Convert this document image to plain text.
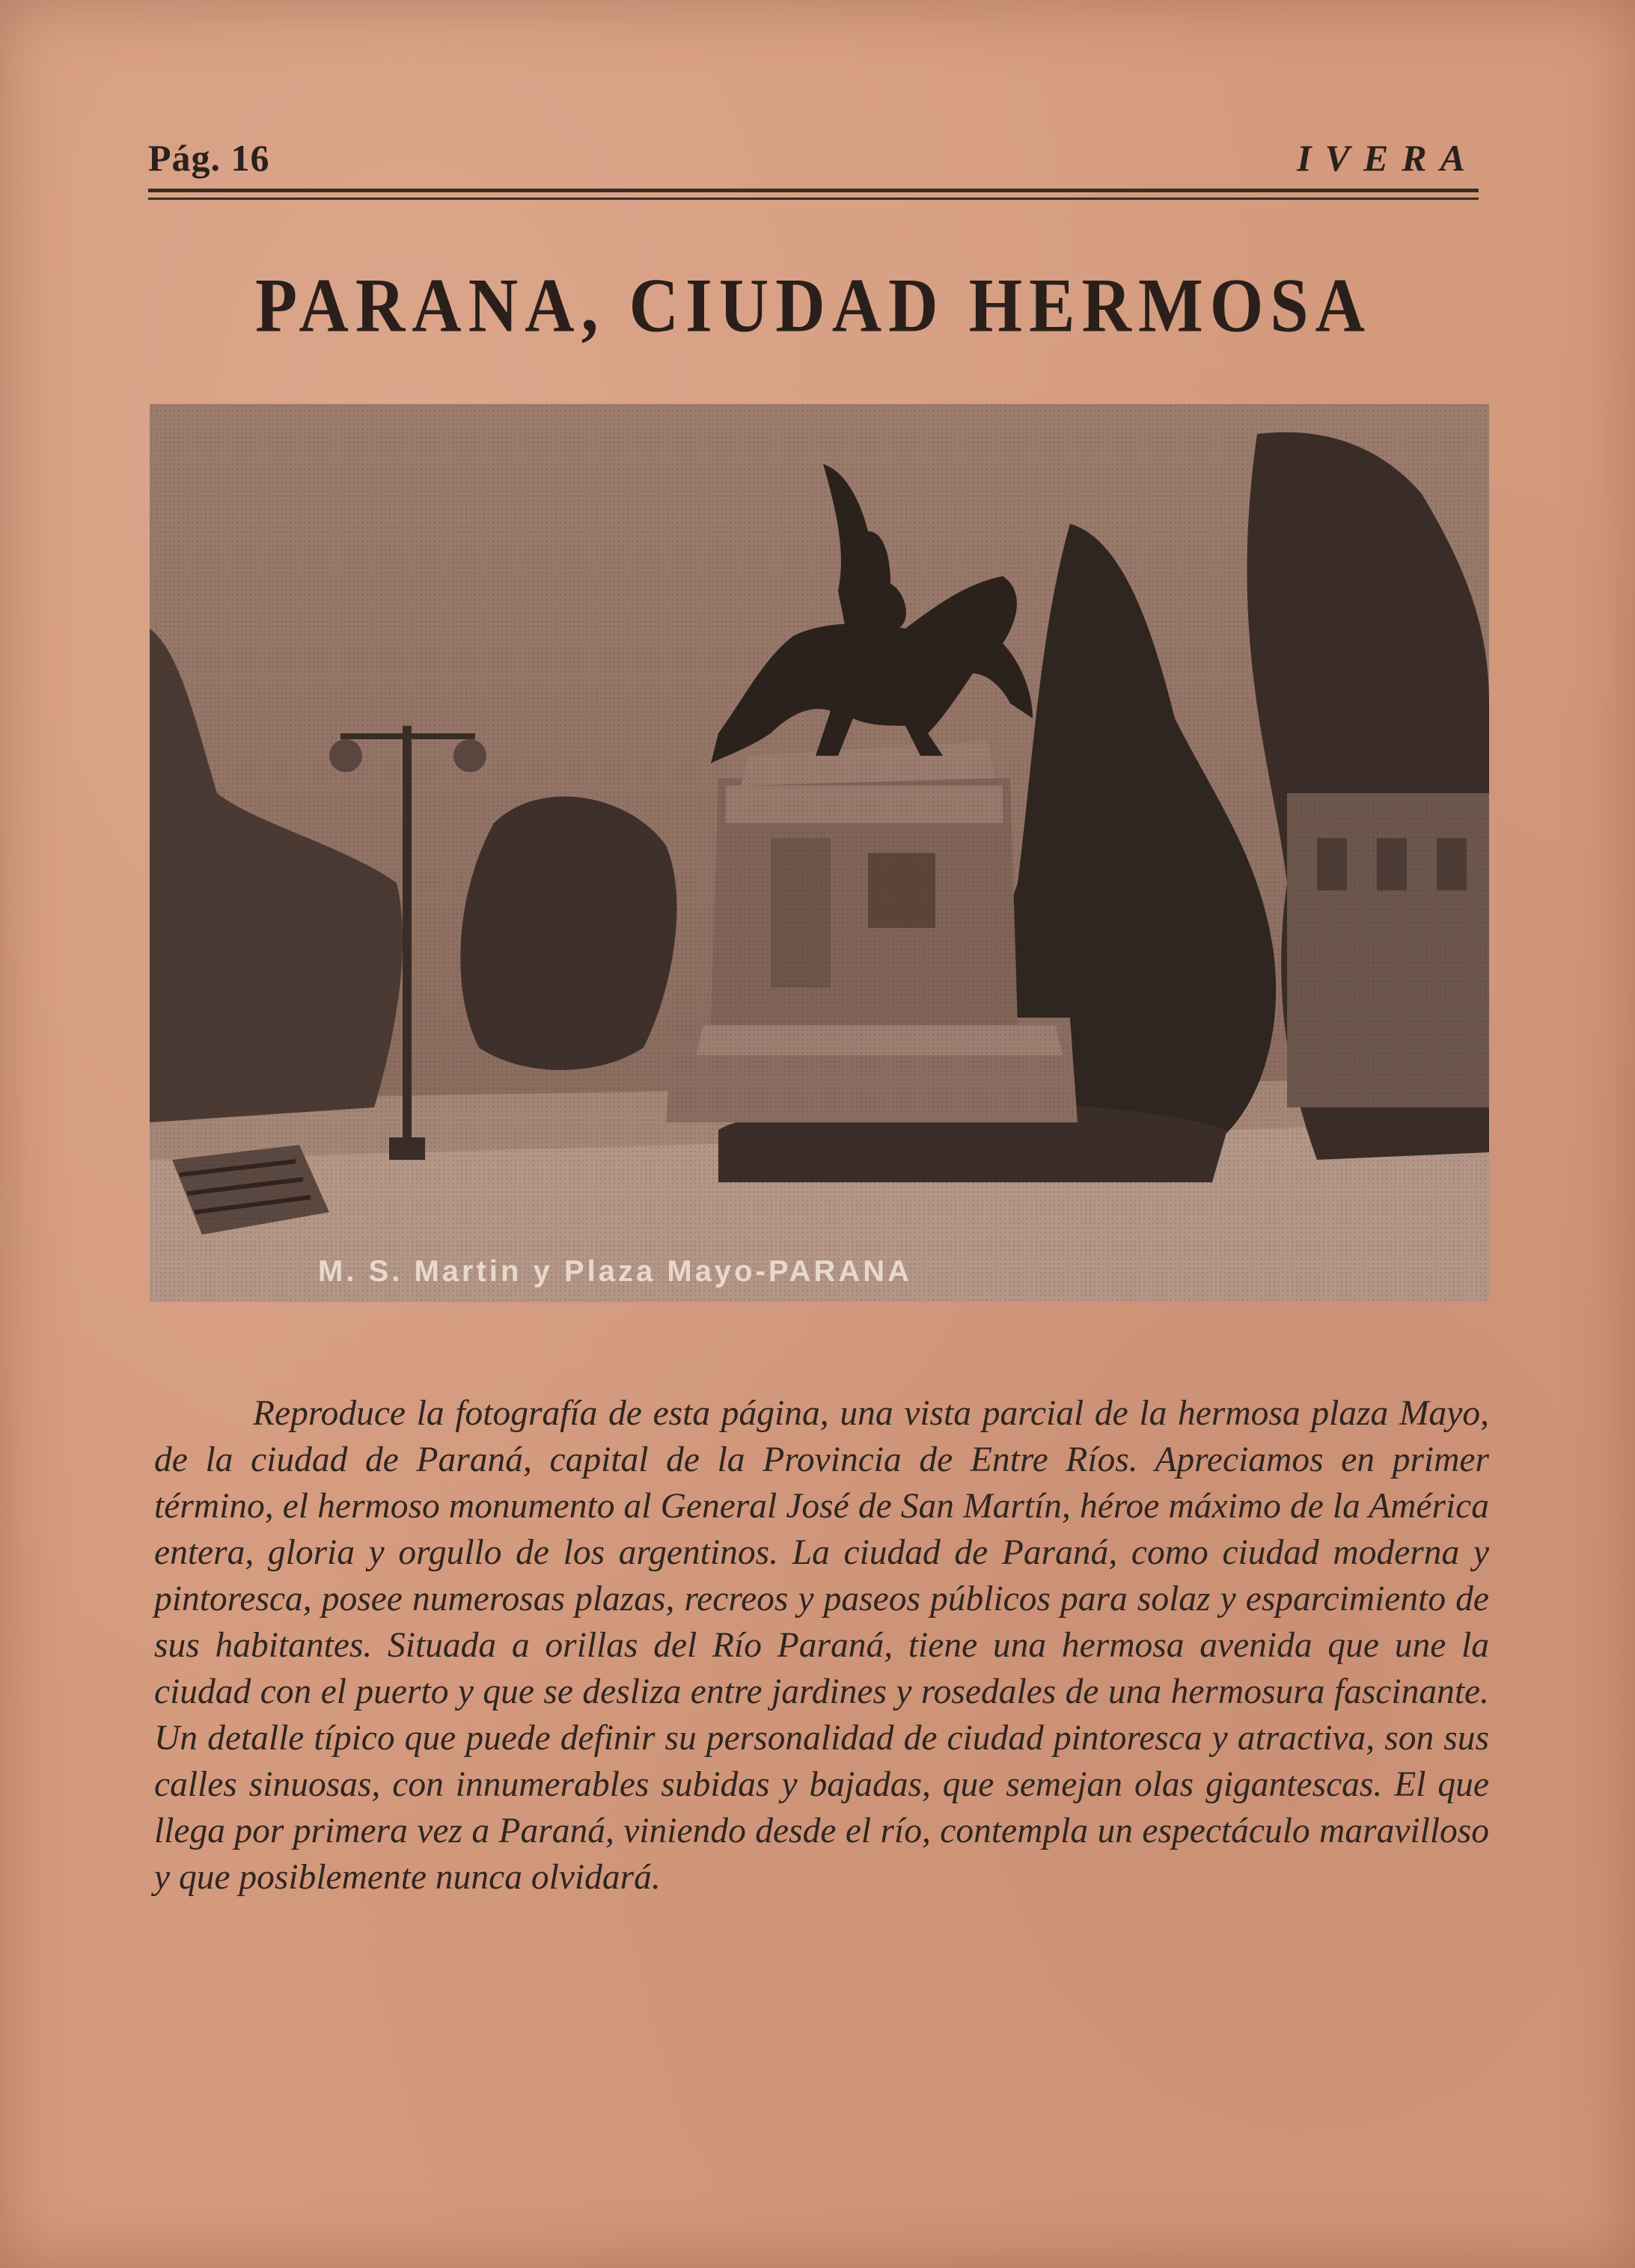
Pág. 16	IVERA
PARANA, CIUDAD HERMOSA
M. S. Martin y Plaza Mayo-PARANA

Reproduce la fotografía de esta página, una vista parcial de la hermosa plaza Mayo, de la ciudad de Paraná, capital de la Provincia de Entre Ríos. Apreciamos en primer término, el hermoso monumento al General José de San Martín, héroe máximo de la América entera, gloria y orgullo de los argentinos. La ciudad de Paraná, como ciudad moderna y pintoresca, posee numerosas plazas, recreos y paseos públicos para solaz y esparcimiento de sus habitantes. Situada a orillas del Río Paraná, tiene una hermosa avenida que une la ciudad con el puerto y que se desliza entre jardines y rosedales de una hermosura fascinante. Un detalle típico que puede definir su personalidad de ciudad pintoresca y atractiva, son sus calles sinuosas, con innumerables subidas y bajadas, que semejan olas gigantescas. El que llega por primera vez a Paraná, viniendo desde el río, contempla un espectáculo maravilloso y que posiblemente nunca olvidará.
